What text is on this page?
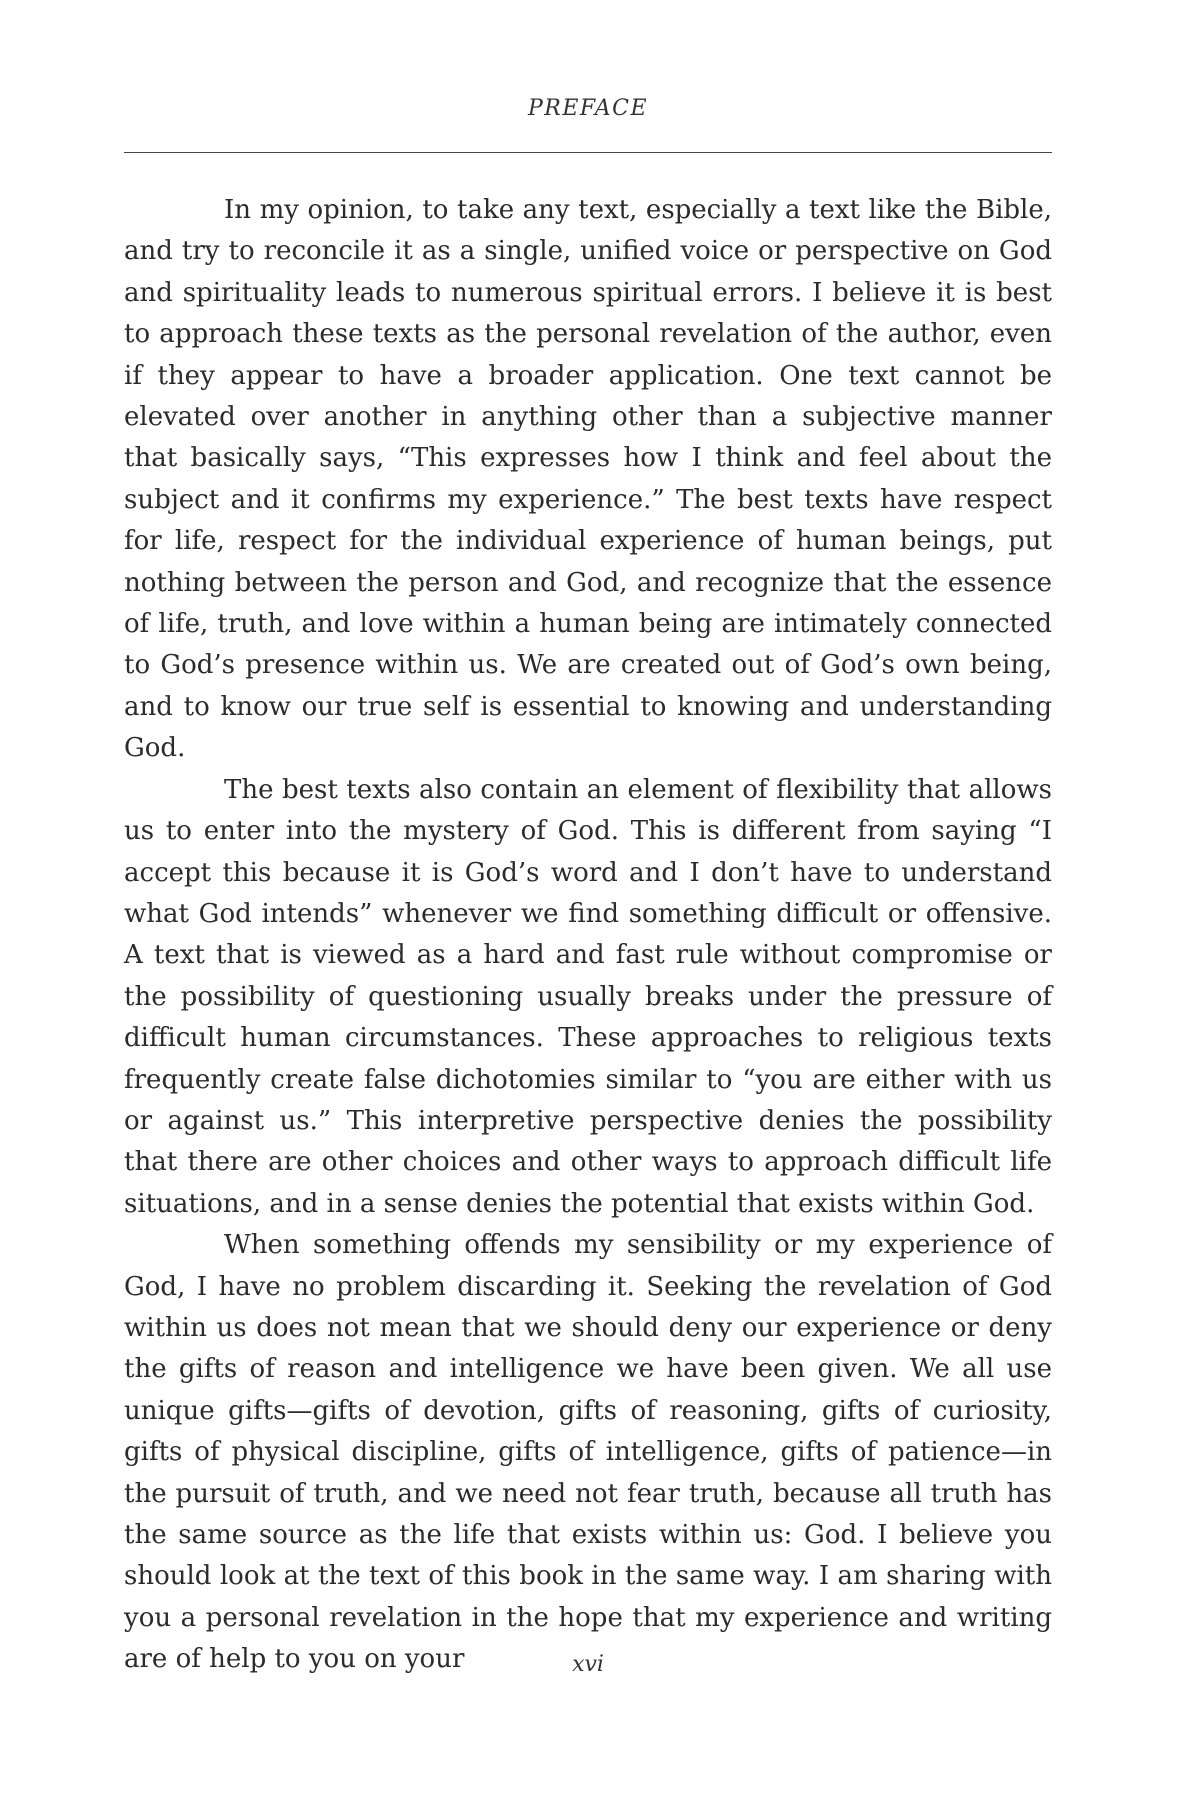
PREFACE

In my opinion, to take any text, especially a text like the Bible, and try to reconcile it as a single, unified voice or perspective on God and spirituality leads to numerous spiritual errors. I believe it is best to approach these texts as the personal revelation of the author, even if they appear to have a broader application. One text cannot be elevated over another in anything other than a subjective manner that basically says, “This expresses how I think and feel about the subject and it confirms my experience.” The best texts have respect for life, respect for the individual experience of human beings, put nothing between the person and God, and recognize that the essence of life, truth, and love within a human being are intimately connected to God’s presence within us. We are created out of God’s own being, and to know our true self is essential to knowing and understanding God.

The best texts also contain an element of flexibility that allows us to enter into the mystery of God. This is different from saying “I accept this because it is God’s word and I don’t have to understand what God intends” whenever we find something difficult or offensive. A text that is viewed as a hard and fast rule without compromise or the possibility of questioning usually breaks under the pressure of difficult human circumstances. These approaches to religious texts frequently create false dichotomies similar to “you are either with us or against us.” This interpretive perspective denies the possibility that there are other choices and other ways to approach difficult life situations, and in a sense denies the potential that exists within God.

When something offends my sensibility or my experience of God, I have no problem discarding it. Seeking the revelation of God within us does not mean that we should deny our experience or deny the gifts of reason and intelligence we have been given. We all use unique gifts—gifts of devotion, gifts of reasoning, gifts of curiosity, gifts of physical discipline, gifts of intelligence, gifts of patience—in the pursuit of truth, and we need not fear truth, because all truth has the same source as the life that exists within us: God. I believe you should look at the text of this book in the same way. I am sharing with you a personal revelation in the hope that my experience and writing are of help to you on your	xvi
